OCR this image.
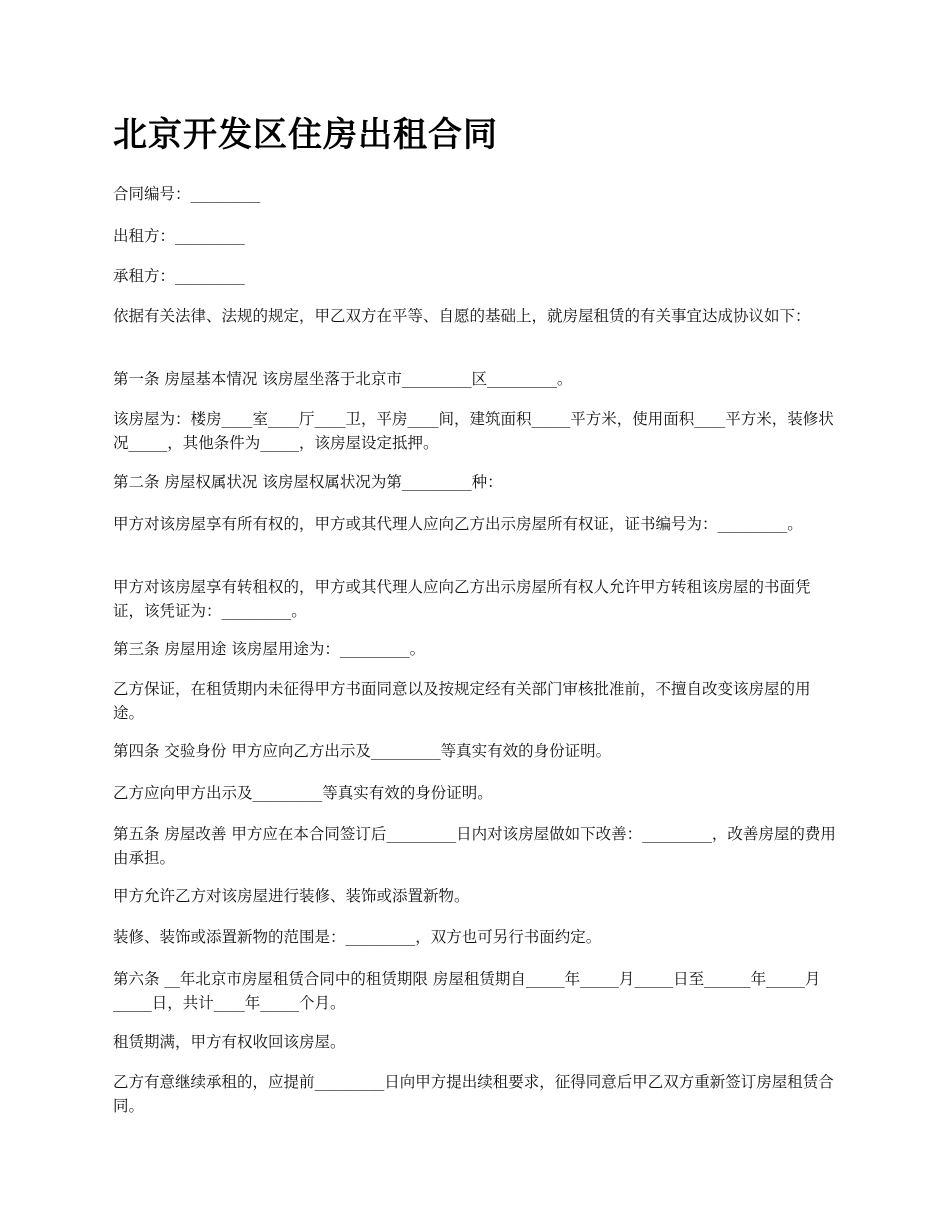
北京开发区住房出租合同

合同编号：_________

出租方：_________

承租方：_________

依据有关法律、法规的规定，甲乙双方在平等、自愿的基础上，就房屋租赁的有关事宜达成协议如下：

第一条 房屋基本情况 该房屋坐落于北京市_________区_________。

该房屋为：楼房____室____厅____卫，平房____间，建筑面积_____平方米，使用面积____平方米，装修状况_____，其他条件为_____，该房屋设定抵押。

第二条 房屋权属状况 该房屋权属状况为第_________种：

甲方对该房屋享有所有权的，甲方或其代理人应向乙方出示房屋所有权证，证书编号为：_________。

甲方对该房屋享有转租权的，甲方或其代理人应向乙方出示房屋所有权人允许甲方转租该房屋的书面凭证，该凭证为：_________。

第三条 房屋用途 该房屋用途为：_________。

乙方保证，在租赁期内未征得甲方书面同意以及按规定经有关部门审核批准前，不擅自改变该房屋的用途。

第四条 交验身份 甲方应向乙方出示及_________等真实有效的身份证明。

乙方应向甲方出示及_________等真实有效的身份证明。

第五条 房屋改善 甲方应在本合同签订后_________日内对该房屋做如下改善：_________，改善房屋的费用由承担。

甲方允许乙方对该房屋进行装修、装饰或添置新物。

装修、装饰或添置新物的范围是：_________，双方也可另行书面约定。

第六条 __年北京市房屋租赁合同中的租赁期限 房屋租赁期自_____年_____月_____日至______年_____月_____日，共计____年_____个月。

租赁期满，甲方有权收回该房屋。

乙方有意继续承租的，应提前_________日向甲方提出续租要求，征得同意后甲乙双方重新签订房屋租赁合同。
